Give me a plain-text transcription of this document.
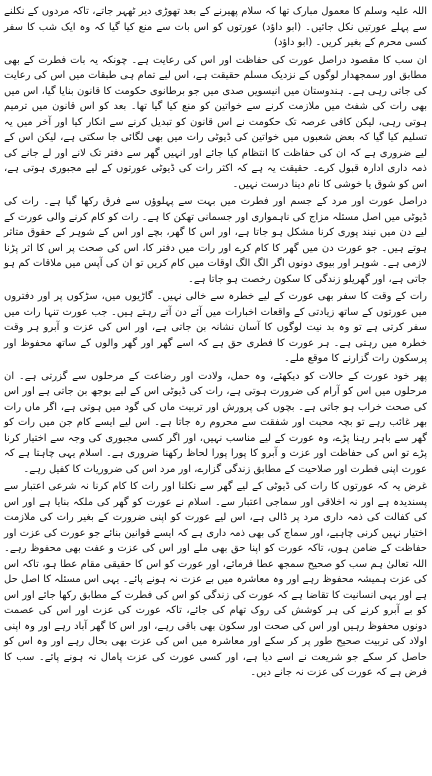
اللہ علیہ وسلم کا معمول مبارک تھا کہ سلام پھیرنے کے بعد تھوڑی دیر ٹھہر جاتے، تاکہ مردوں کے نکلنے سے پہلے عورتیں نکل جائیں۔ (ابو داؤد) عورتوں کو اس بات سے منع کیا گیا کہ وہ ایک شب کا سفر کسی محرم کے بغیر کریں۔ (ابو داؤد)

ان سب کا مقصود دراصل عورت کی حفاظت اور اس کی رعایت ہے۔ چونکہ یہ بات فطرت کے بھی مطابق اور سمجھدار لوگوں کے نزدیک مسلم حقیقت ہے، اس لیے تمام ہی طبقات میں اس کی رعایت کی جاتی رہی ہے۔ ہندوستان میں انیسویں صدی میں جو برطانوی حکومت کا قانون بنایا گیا، اس میں بھی رات کی شفٹ میں ملازمت کرنے سے خواتین کو منع کیا گیا تھا۔ بعد کو اس قانون میں ترمیم ہوتی رہی، لیکن کافی عرصہ تک حکومت نے اس قانون کو تبدیل کرنے سے انکار کیا اور آخر میں یہ تسلیم کیا گیا کہ بعض شعبوں میں خواتین کی ڈیوٹی رات میں بھی لگائی جا سکتی ہے، لیکن اس کے لیے ضروری ہے کہ ان کی حفاظت کا انتظام کیا جائے اور انہیں گھر سے دفتر تک لانے اور لے جانے کی ذمہ داری ادارہ قبول کرے۔ حقیقت یہ ہے کہ اکثر رات کی ڈیوٹی عورتوں کے لیے مجبوری ہوتی ہے، اس کو شوق یا خوشی کا نام دینا درست نہیں۔

دراصل عورت اور مرد کے جسم اور فطرت میں بہت سے پہلوؤں سے فرق رکھا گیا ہے۔ رات کی ڈیوٹی میں اصل مسئلہ مزاج کی ناہمواری اور جسمانی تھکن کا ہے۔ رات کو کام کرنے والی عورت کے لیے دن میں نیند پوری کرنا مشکل ہو جاتا ہے، اور اس کا گھر، بچے اور اس کے شوہر کے حقوق متاثر ہوتے ہیں۔ جو عورت دن میں گھر کا کام کرے اور رات میں دفتر کا، اس کی صحت پر اس کا اثر پڑنا لازمی ہے۔ شوہر اور بیوی دونوں اگر الگ الگ اوقات میں کام کریں تو ان کی آپس میں ملاقات کم ہو جاتی ہے، اور گھریلو زندگی کا سکون رخصت ہو جاتا ہے۔

رات کے وقت کا سفر بھی عورت کے لیے خطرہ سے خالی نہیں۔ گاڑیوں میں، سڑکوں پر اور دفتروں میں عورتوں کے ساتھ زیادتی کے واقعات اخبارات میں آئے دن آتے رہتے ہیں۔ جب عورت تنہا رات میں سفر کرتی ہے تو وہ بد نیت لوگوں کا آسان نشانہ بن جاتی ہے، اور اس کی عزت و آبرو ہر وقت خطرہ میں رہتی ہے۔ ہر عورت کا فطری حق ہے کہ اسے گھر اور گھر والوں کے ساتھ محفوظ اور پرسکون رات گزارنے کا موقع ملے۔

پھر خود عورت کے حالات کو دیکھئے، وہ حمل، ولادت اور رضاعت کے مرحلوں سے گزرتی ہے۔ ان مرحلوں میں اس کو آرام کی ضرورت ہوتی ہے، رات کی ڈیوٹی اس کے لیے بوجھ بن جاتی ہے اور اس کی صحت خراب ہو جاتی ہے۔ بچوں کی پرورش اور تربیت ماں کی گود میں ہوتی ہے، اگر ماں رات بھر غائب رہے تو بچہ محبت اور شفقت سے محروم رہ جاتا ہے۔ اس لیے ایسے کام جن میں رات کو گھر سے باہر رہنا پڑے، وہ عورت کے لیے مناسب نہیں، اور اگر کسی مجبوری کی وجہ سے اختیار کرنا پڑے تو اس کی حفاظت اور عزت و آبرو کا پورا پورا لحاظ رکھنا ضروری ہے۔ اسلام یہی چاہتا ہے کہ عورت اپنی فطرت اور صلاحیت کے مطابق زندگی گزارے، اور مرد اس کی ضروریات کا کفیل رہے۔

غرض یہ کہ عورتوں کا رات کی ڈیوٹی کے لیے گھر سے نکلنا اور رات کا کام کرنا نہ شرعی اعتبار سے پسندیدہ ہے اور نہ اخلاقی اور سماجی اعتبار سے۔ اسلام نے عورت کو گھر کی ملکہ بنایا ہے اور اس کی کفالت کی ذمہ داری مرد پر ڈالی ہے، اس لیے عورت کو اپنی ضرورت کے بغیر رات کی ملازمت اختیار نہیں کرنی چاہیے، اور سماج کی بھی ذمہ داری ہے کہ ایسے قوانین بنائے جو عورت کی عزت اور حفاظت کے ضامن ہوں، تاکہ عورت کو اپنا حق بھی ملے اور اس کی عزت و عفت بھی محفوظ رہے۔ اللہ تعالیٰ ہم سب کو صحیح سمجھ عطا فرمائے، اور عورت کو اس کا حقیقی مقام عطا ہو، تاکہ اس کی عزت ہمیشہ محفوظ رہے اور وہ معاشرہ میں بے عزت نہ ہونے پائے۔ یہی اس مسئلہ کا اصل حل ہے اور یہی انسانیت کا تقاضا ہے کہ عورت کی زندگی کو اس کی فطرت کے مطابق رکھا جائے اور اس کو بے آبرو کرنے کی ہر کوشش کی روک تھام کی جائے، تاکہ عورت کی عزت اور اس کی عصمت دونوں محفوظ رہیں اور اس کی صحت اور سکون بھی باقی رہے، اور اس کا گھر آباد رہے اور وہ اپنی اولاد کی تربیت صحیح طور پر کر سکے اور معاشرہ میں اس کی عزت بھی بحال رہے اور وہ اس کو حاصل کر سکے جو شریعت نے اسے دیا ہے، اور کسی عورت کی عزت پامال نہ ہونے پائے۔ سب کا فرض ہے کہ عورت کی عزت نہ جانے دیں۔
